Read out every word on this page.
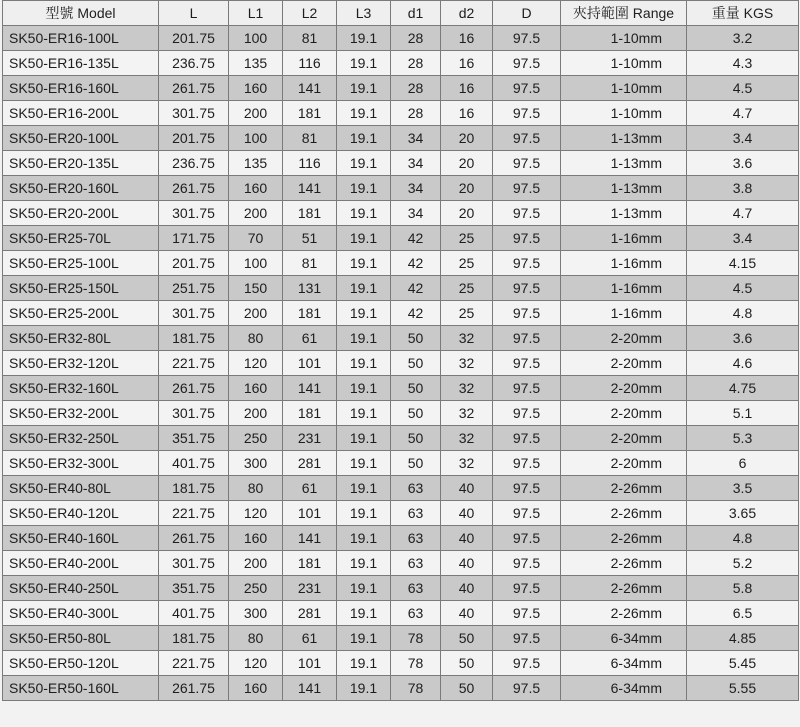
型號 Model	L	L1	L2	L3	d1	d2	D	夾持範圍 Range	重量 KGS
SK50-ER16-100L	201.75	100	81	19.1	28	16	97.5	1-10mm	3.2
SK50-ER16-135L	236.75	135	116	19.1	28	16	97.5	1-10mm	4.3
SK50-ER16-160L	261.75	160	141	19.1	28	16	97.5	1-10mm	4.5
SK50-ER16-200L	301.75	200	181	19.1	28	16	97.5	1-10mm	4.7
SK50-ER20-100L	201.75	100	81	19.1	34	20	97.5	1-13mm	3.4
SK50-ER20-135L	236.75	135	116	19.1	34	20	97.5	1-13mm	3.6
SK50-ER20-160L	261.75	160	141	19.1	34	20	97.5	1-13mm	3.8
SK50-ER20-200L	301.75	200	181	19.1	34	20	97.5	1-13mm	4.7
SK50-ER25-70L	171.75	70	51	19.1	42	25	97.5	1-16mm	3.4
SK50-ER25-100L	201.75	100	81	19.1	42	25	97.5	1-16mm	4.15
SK50-ER25-150L	251.75	150	131	19.1	42	25	97.5	1-16mm	4.5
SK50-ER25-200L	301.75	200	181	19.1	42	25	97.5	1-16mm	4.8
SK50-ER32-80L	181.75	80	61	19.1	50	32	97.5	2-20mm	3.6
SK50-ER32-120L	221.75	120	101	19.1	50	32	97.5	2-20mm	4.6
SK50-ER32-160L	261.75	160	141	19.1	50	32	97.5	2-20mm	4.75
SK50-ER32-200L	301.75	200	181	19.1	50	32	97.5	2-20mm	5.1
SK50-ER32-250L	351.75	250	231	19.1	50	32	97.5	2-20mm	5.3
SK50-ER32-300L	401.75	300	281	19.1	50	32	97.5	2-20mm	6
SK50-ER40-80L	181.75	80	61	19.1	63	40	97.5	2-26mm	3.5
SK50-ER40-120L	221.75	120	101	19.1	63	40	97.5	2-26mm	3.65
SK50-ER40-160L	261.75	160	141	19.1	63	40	97.5	2-26mm	4.8
SK50-ER40-200L	301.75	200	181	19.1	63	40	97.5	2-26mm	5.2
SK50-ER40-250L	351.75	250	231	19.1	63	40	97.5	2-26mm	5.8
SK50-ER40-300L	401.75	300	281	19.1	63	40	97.5	2-26mm	6.5
SK50-ER50-80L	181.75	80	61	19.1	78	50	97.5	6-34mm	4.85
SK50-ER50-120L	221.75	120	101	19.1	78	50	97.5	6-34mm	5.45
SK50-ER50-160L	261.75	160	141	19.1	78	50	97.5	6-34mm	5.55
